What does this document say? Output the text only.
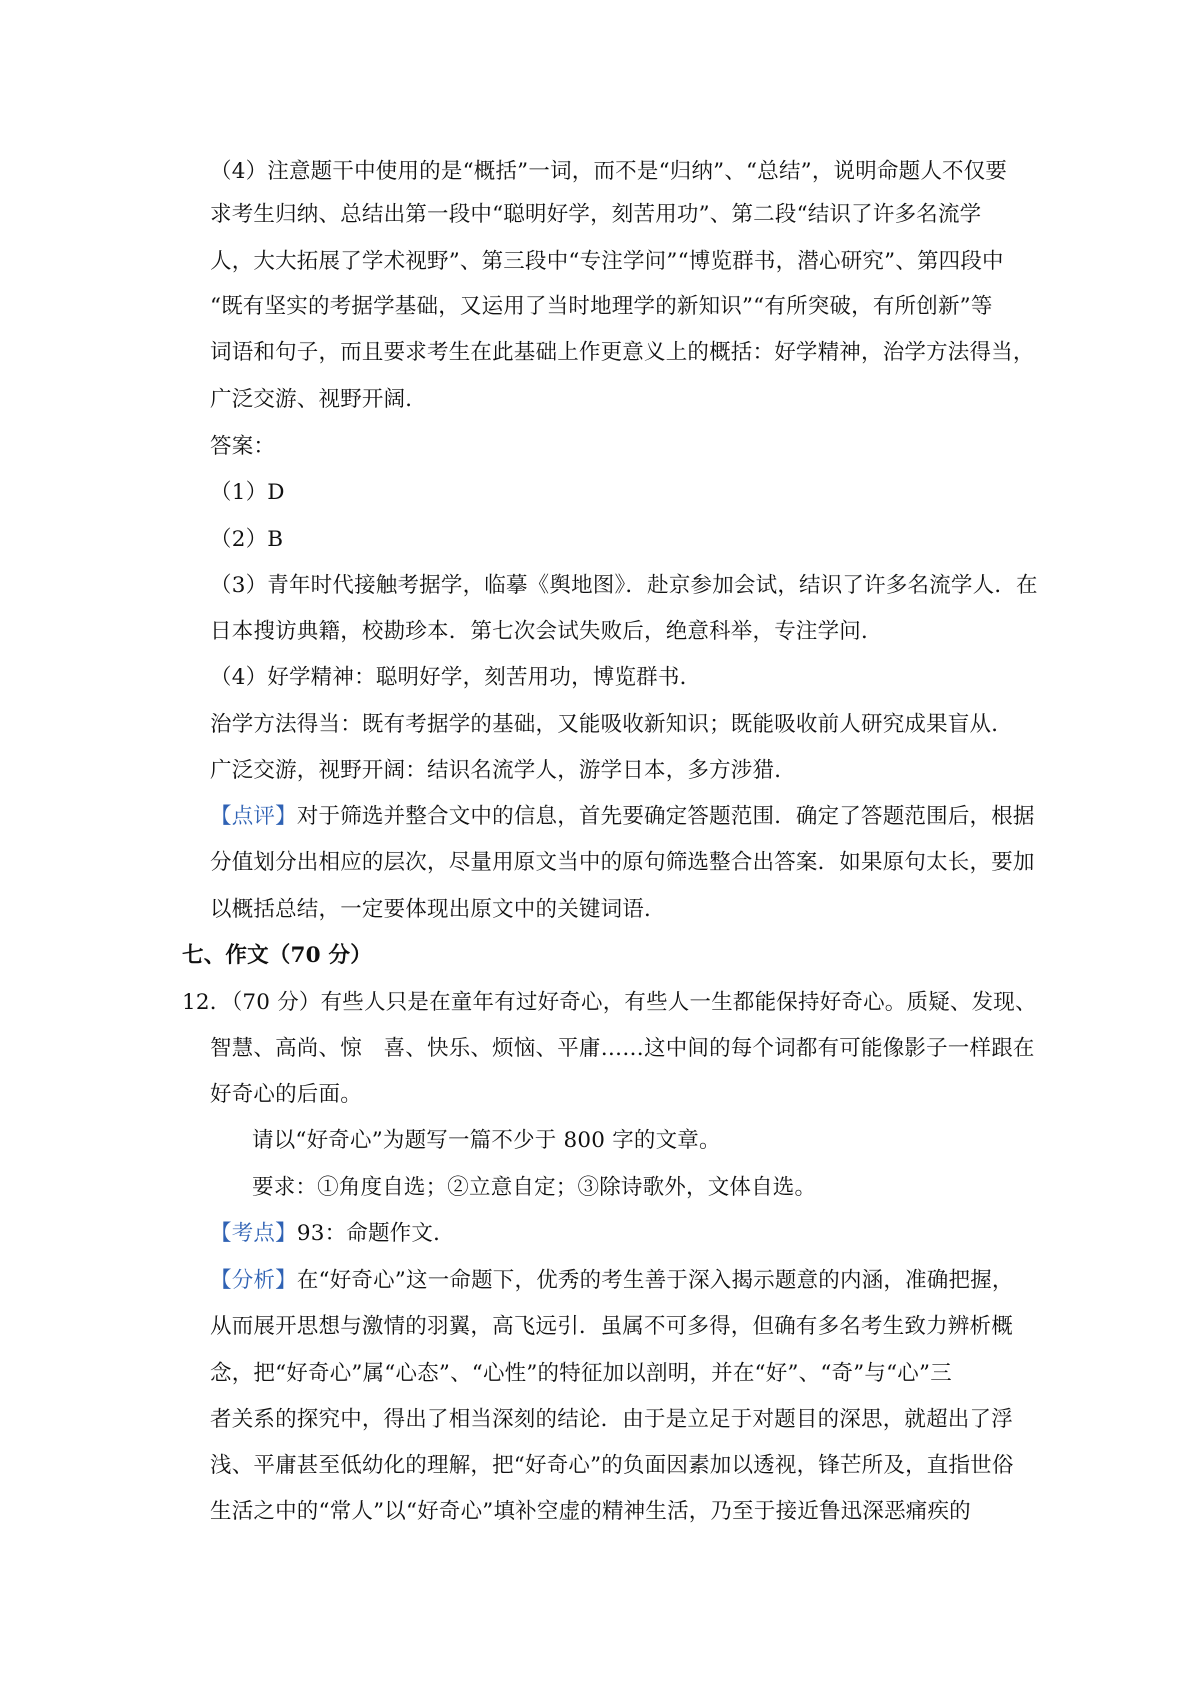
（4）注意题干中使用的是“概括”一词，而不是“归纳”、“总结”，说明命题人不仅要
求考生归纳、总结出第一段中“聪明好学，刻苦用功”、第二段“结识了许多名流学
人，大大拓展了学术视野”、第三段中“专注学问”“博览群书，潜心研究”、第四段中
“既有坚实的考据学基础，又运用了当时地理学的新知识”“有所突破，有所创新”等
词语和句子，而且要求考生在此基础上作更意义上的概括：好学精神，治学方法得当，
广泛交游、视野开阔．
答案：
（1）D
（2）B
（3）青年时代接触考据学，临摹《舆地图》．赴京参加会试，结识了许多名流学人．在
日本搜访典籍，校勘珍本．第七次会试失败后，绝意科举，专注学问．
（4）好学精神：聪明好学，刻苦用功，博览群书．
治学方法得当：既有考据学的基础，又能吸收新知识；既能吸收前人研究成果盲从．
广泛交游，视野开阔：结识名流学人，游学日本，多方涉猎．
【点评】对于筛选并整合文中的信息，首先要确定答题范围．确定了答题范围后，根据
分值划分出相应的层次，尽量用原文当中的原句筛选整合出答案．如果原句太长，要加
以概括总结，一定要体现出原文中的关键词语．
七、作文（70 分）
12．（70 分）有些人只是在童年有过好奇心，有些人一生都能保持好奇心。质疑、发现、
智慧、高尚、惊　喜、快乐、烦恼、平庸……这中间的每个词都有可能像影子一样跟在
好奇心的后面。
请以“好奇心”为题写一篇不少于 800 字的文章。
要求：①角度自选；②立意自定；③除诗歌外，文体自选。
【考点】93：命题作文．
【分析】在“好奇心”这一命题下，优秀的考生善于深入揭示题意的内涵，准确把握，
从而展开思想与激情的羽翼，高飞远引．虽属不可多得，但确有多名考生致力辨析概
念，把“好奇心”属“心态”、“心性”的特征加以剖明，并在“好”、“奇”与“心”三
者关系的探究中，得出了相当深刻的结论．由于是立足于对题目的深思，就超出了浮
浅、平庸甚至低幼化的理解，把“好奇心”的负面因素加以透视，锋芒所及，直指世俗
生活之中的“常人”以“好奇心”填补空虚的精神生活，乃至于接近鲁迅深恶痛疾的
